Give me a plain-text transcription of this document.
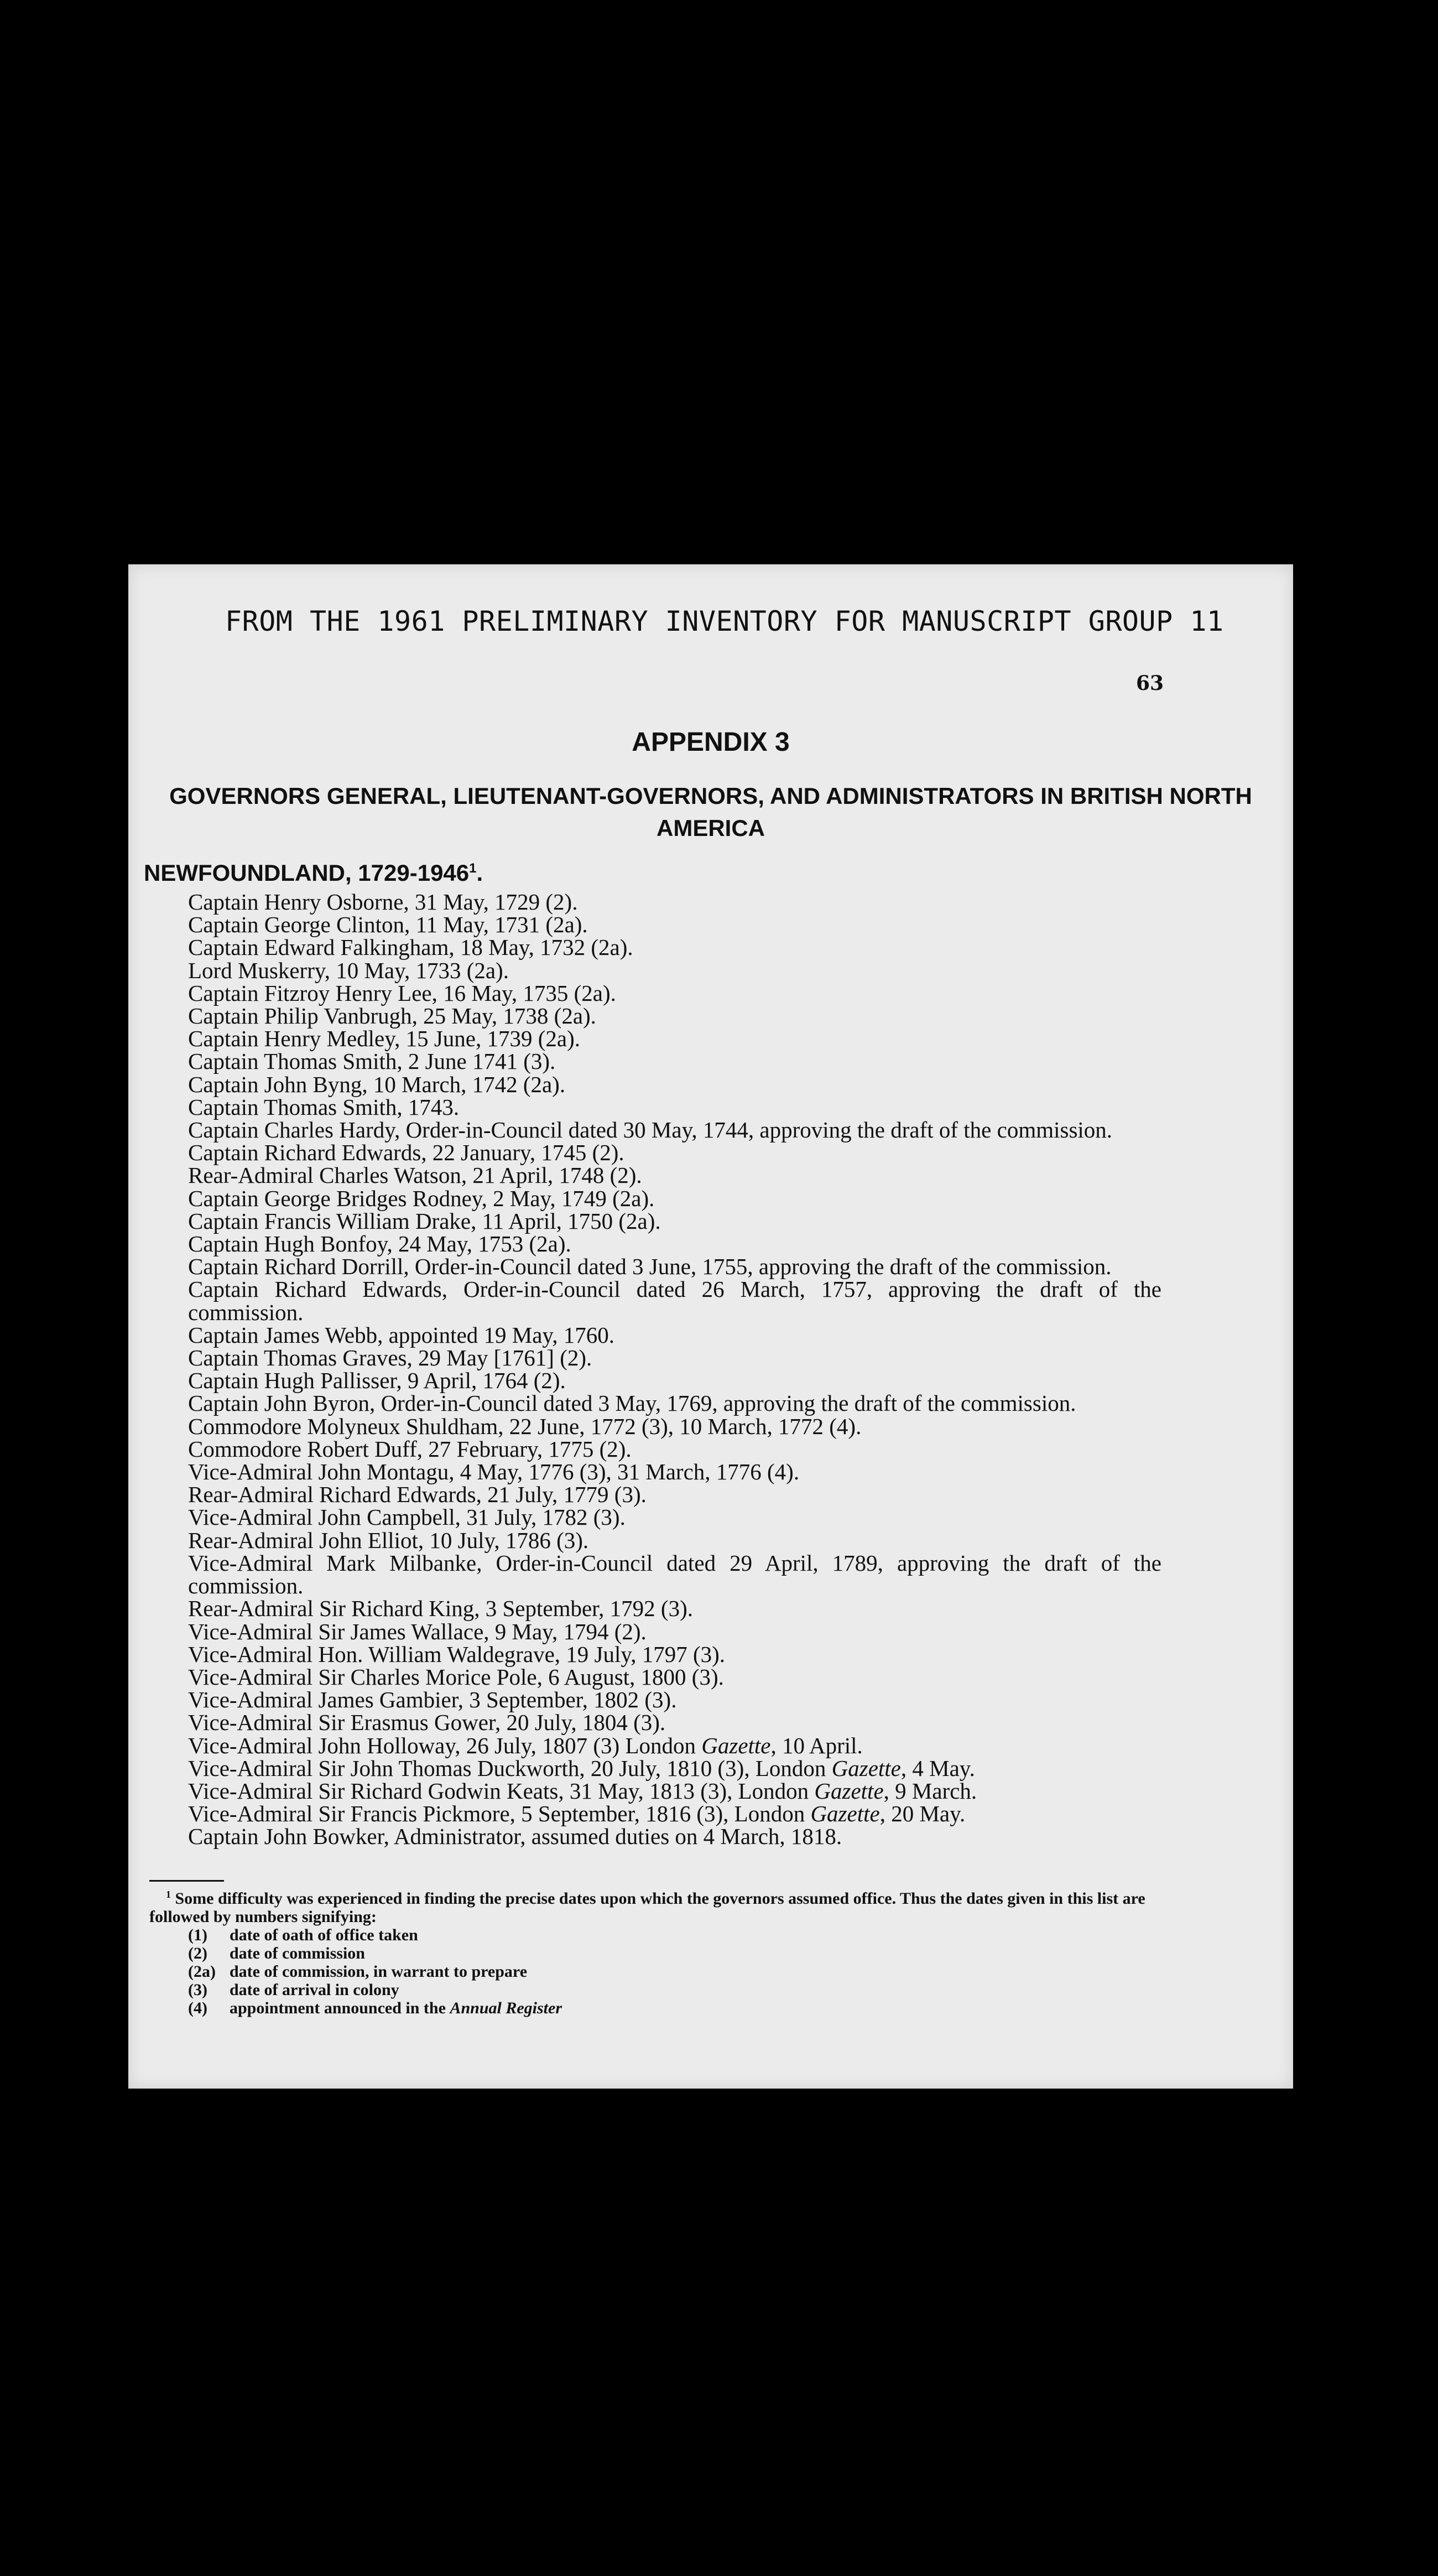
FROM THE 1961 PRELIMINARY INVENTORY FOR MANUSCRIPT GROUP 11
63
APPENDIX 3
GOVERNORS GENERAL, LIEUTENANT-GOVERNORS, AND ADMINISTRATORS IN BRITISH NORTH AMERICA
NEWFOUNDLAND, 1729-1946$^1$.
Captain Henry Osborne, 31 May, 1729 (2).
Captain George Clinton, 11 May, 1731 (2a).
Captain Edward Falkingham, 18 May, 1732 (2a).
Lord Muskerry, 10 May, 1733 (2a).
Captain Fitzroy Henry Lee, 16 May, 1735 (2a).
Captain Philip Vanbrugh, 25 May, 1738 (2a).
Captain Henry Medley, 15 June, 1739 (2a).
Captain Thomas Smith, 2 June 1741 (3).
Captain John Byng, 10 March, 1742 (2a).
Captain Thomas Smith, 1743.
Captain Charles Hardy, Order-in-Council dated 30 May, 1744, approving the draft of the commission.
Captain Richard Edwards, 22 January, 1745 (2).
Rear-Admiral Charles Watson, 21 April, 1748 (2).
Captain George Bridges Rodney, 2 May, 1749 (2a).
Captain Francis William Drake, 11 April, 1750 (2a).
Captain Hugh Bonfoy, 24 May, 1753 (2a).
Captain Richard Dorrill, Order-in-Council dated 3 June, 1755, approving the draft of the commission.
Captain Richard Edwards, Order-in-Council dated 26 March, 1757, approving the draft of the
commission.
Captain James Webb, appointed 19 May, 1760.
Captain Thomas Graves, 29 May [1761] (2).
Captain Hugh Pallisser, 9 April, 1764 (2).
Captain John Byron, Order-in-Council dated 3 May, 1769, approving the draft of the commission.
Commodore Molyneux Shuldham, 22 June, 1772 (3), 10 March, 1772 (4).
Commodore Robert Duff, 27 February, 1775 (2).
Vice-Admiral John Montagu, 4 May, 1776 (3), 31 March, 1776 (4).
Rear-Admiral Richard Edwards, 21 July, 1779 (3).
Vice-Admiral John Campbell, 31 July, 1782 (3).
Rear-Admiral John Elliot, 10 July, 1786 (3).
Vice-Admiral Mark Milbanke, Order-in-Council dated 29 April, 1789, approving the draft of the
commission.
Rear-Admiral Sir Richard King, 3 September, 1792 (3).
Vice-Admiral Sir James Wallace, 9 May, 1794 (2).
Vice-Admiral Hon. William Waldegrave, 19 July, 1797 (3).
Vice-Admiral Sir Charles Morice Pole, 6 August, 1800 (3).
Vice-Admiral James Gambier, 3 September, 1802 (3).
Vice-Admiral Sir Erasmus Gower, 20 July, 1804 (3).
Vice-Admiral John Holloway, 26 July, 1807 (3) London Gazette, 10 April.
Vice-Admiral Sir John Thomas Duckworth, 20 July, 1810 (3), London Gazette, 4 May.
Vice-Admiral Sir Richard Godwin Keats, 31 May, 1813 (3), London Gazette, 9 March.
Vice-Admiral Sir Francis Pickmore, 5 September, 1816 (3), London Gazette, 20 May.
Captain John Bowker, Administrator, assumed duties on 4 March, 1818.
$^1$ Some difficulty was experienced in finding the precise dates upon which the governors assumed office. Thus the dates given in this list are followed by numbers signifying:
(1) date of oath of office taken
(2) date of commission
(2a) date of commission, in warrant to prepare
(3) date of arrival in colony
(4) appointment announced in the Annual Register
